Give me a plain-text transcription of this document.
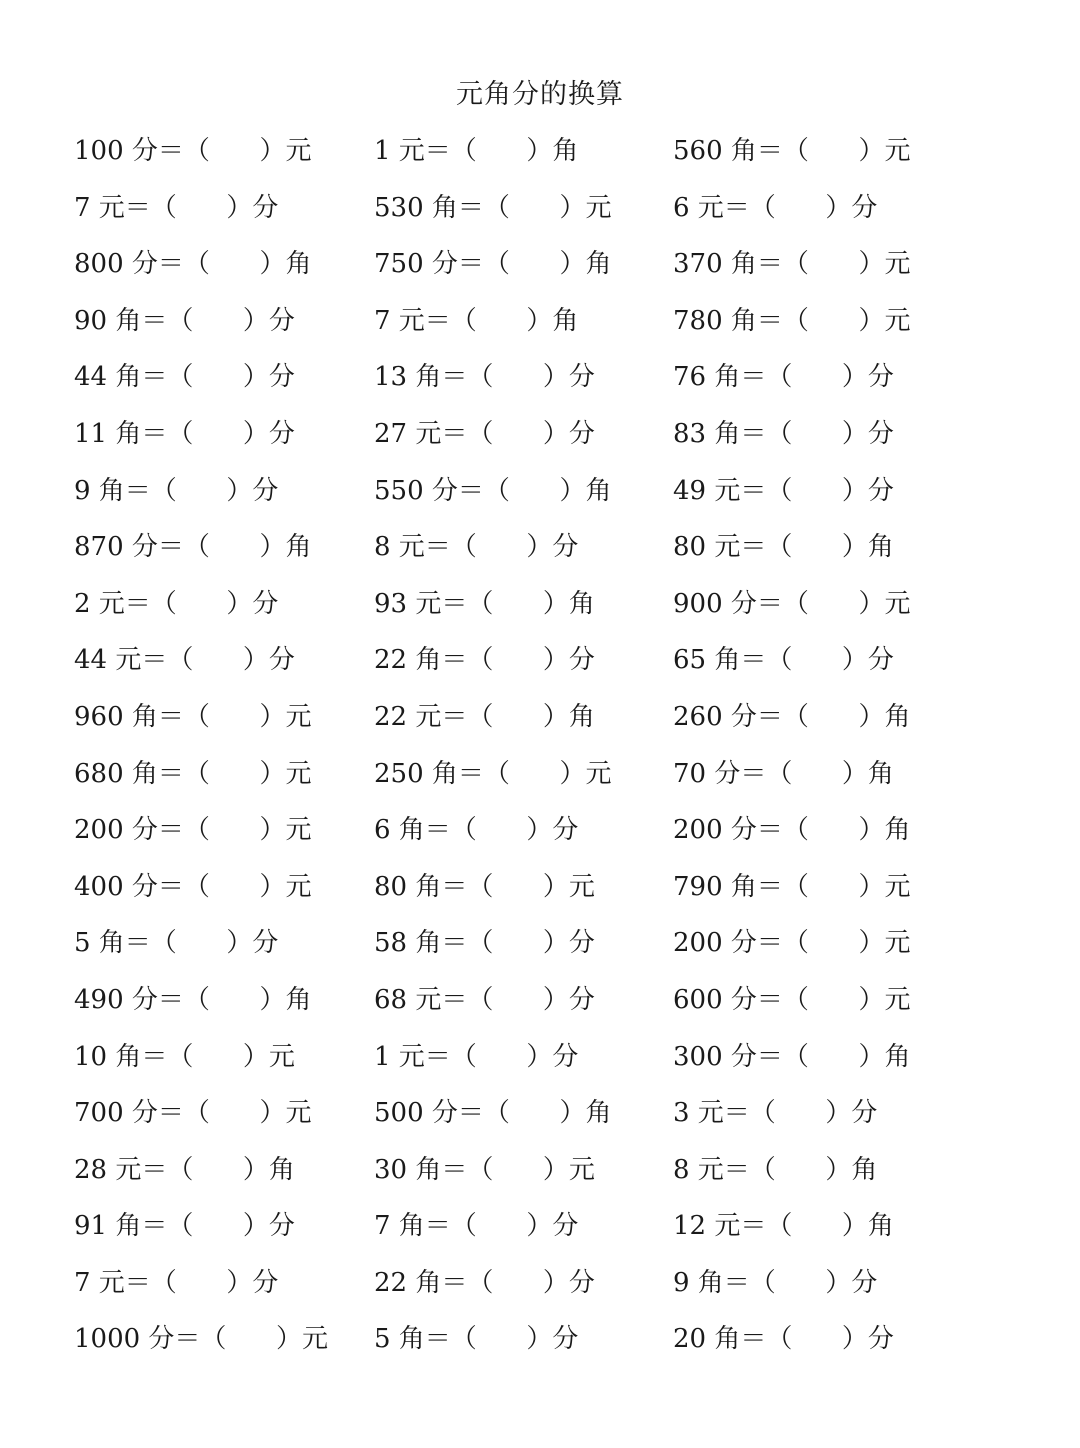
元角分的换算
100 分＝（      ）元 1 元＝（      ）角	560 角＝（      ）元
7 元＝（      ）分	530 角＝（      ）元 6 元＝（      ）分
800 分＝（      ）角 750 分＝（      ）角 370 角＝（      ）元
90 角＝（      ）分	7 元＝（      ）角	780 角＝（      ）元
44 角＝（      ）分	13 角＝（      ）分	76 角＝（      ）分
11 角＝（      ）分	27 元＝（      ）分	83 角＝（      ）分
9 角＝（      ）分	550 分＝（      ）角 49 元＝（      ）分
870 分＝（      ）角 8 元＝（      ）分	80 元＝（      ）角
2 元＝（      ）分	93 元＝（      ）角	900 分＝（      ）元
44 元＝（      ）分	22 角＝（      ）分	65 角＝（      ）分
960 角＝（      ）元 22 元＝（      ）角	260 分＝（      ）角
680 角＝（      ）元 250 角＝（      ）元 70 分＝（      ）角
200 分＝（      ）元 6 角＝（      ）分	200 分＝（      ）角
400 分＝（      ）元 80 角＝（      ）元	790 角＝（      ）元
5 角＝（      ）分	58 角＝（      ）分	200 分＝（      ）元
490 分＝（      ）角 68 元＝（      ）分	600 分＝（      ）元
10 角＝（      ）元	1 元＝（      ）分	300 分＝（      ）角
700 分＝（      ）元 500 分＝（      ）角 3 元＝（      ）分
28 元＝（      ）角	30 角＝（      ）元	8 元＝（      ）角
91 角＝（      ）分	7 角＝（      ）分	12 元＝（      ）角
7 元＝（      ）分	22 角＝（      ）分	9 角＝（      ）分
1000 分＝（      ）元 5 角＝（      ）分	20 角＝（      ）分
